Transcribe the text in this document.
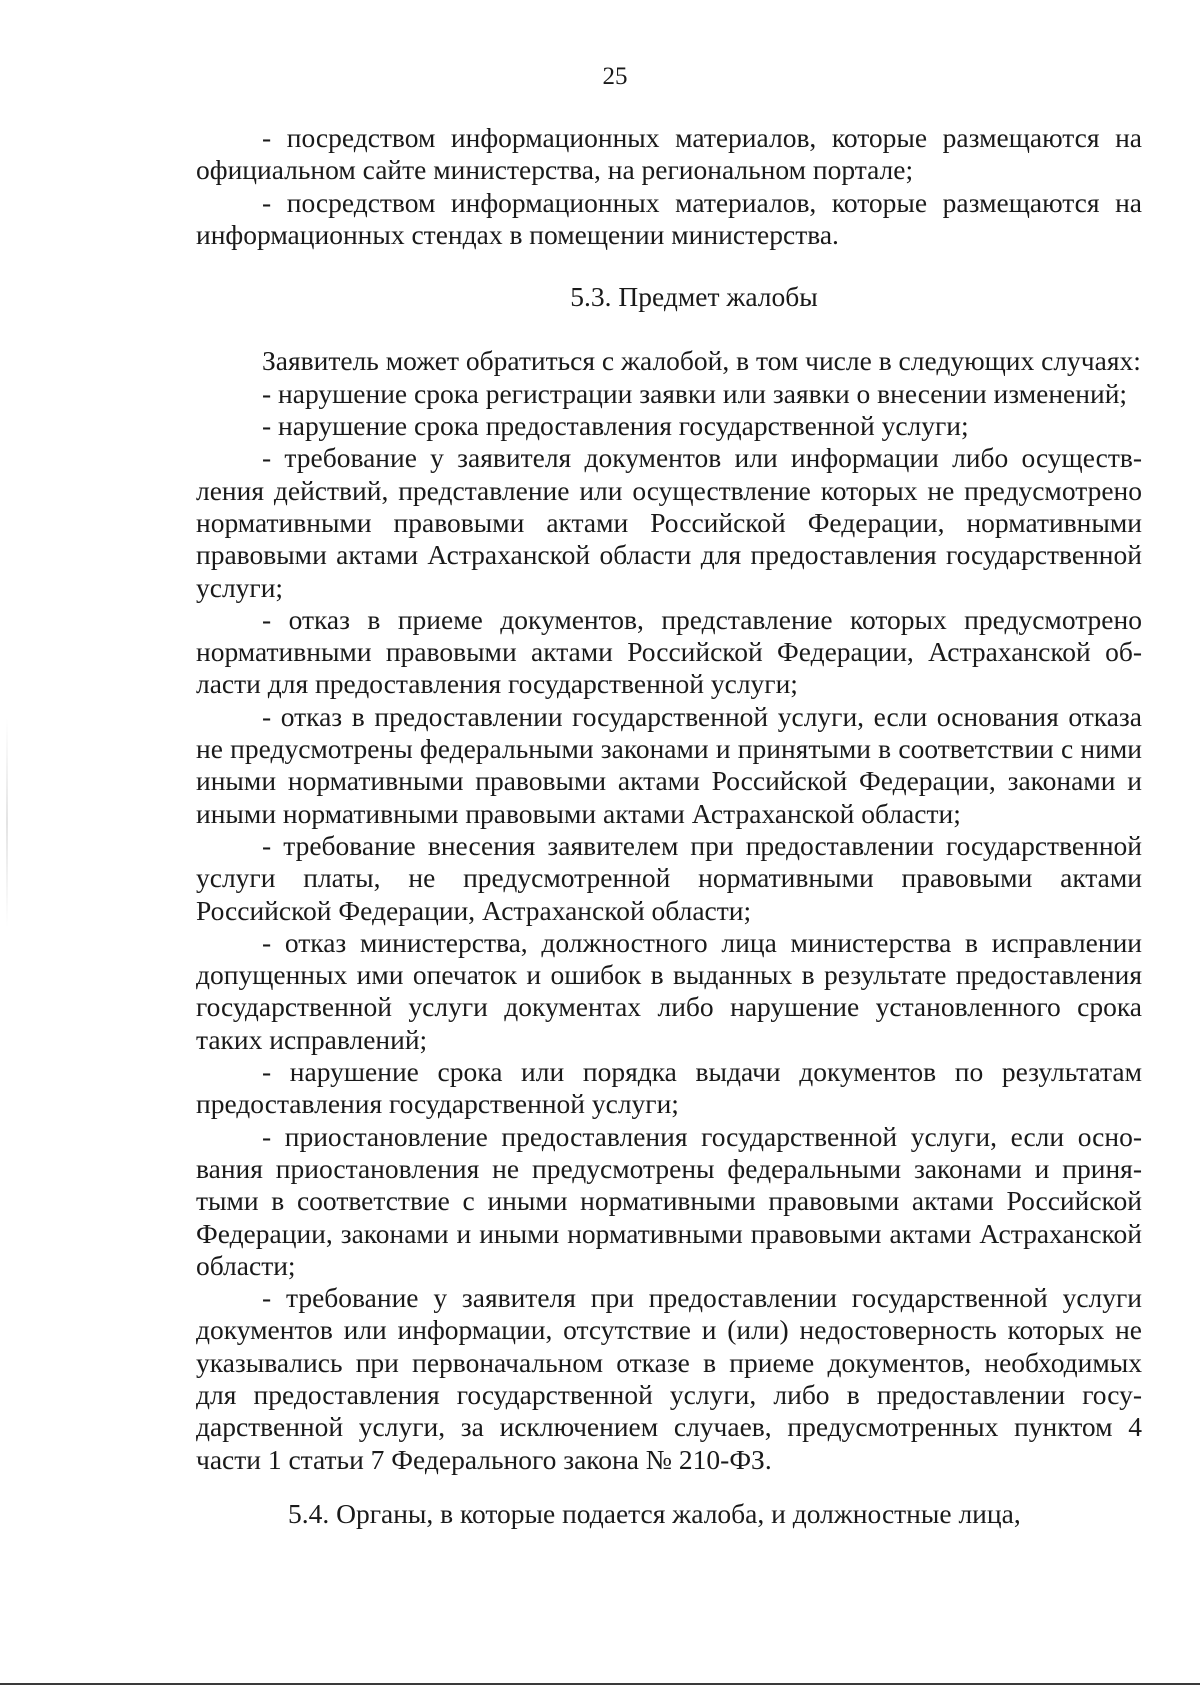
25

- посредством информационных материалов, которые размещаются на официальном сайте министерства, на региональном портале;

- посредством информационных материалов, которые размещаются на информационных стендах в помещении министерства.

5.3. Предмет жалобы

Заявитель может обратиться с жалобой, в том числе в следующих случаях:

- нарушение срока регистрации заявки или заявки о внесении изменений;

- нарушение срока предоставления государственной услуги;

- требование у заявителя документов или информации либо осуществления действий, представление или осуществление которых не предусмотрено нормативными правовыми актами Российской Федерации, нормативными правовыми актами Астраханской области для предоставления государственной услуги;

- отказ в приеме документов, представление которых предусмотрено нормативными правовыми актами Российской Федерации, Астраханской области для предоставления государственной услуги;

- отказ в предоставлении государственной услуги, если основания отказа не предусмотрены федеральными законами и принятыми в соответствии с ними иными нормативными правовыми актами Российской Федерации, законами и иными нормативными правовыми актами Астраханской области;

- требование внесения заявителем при предоставлении государственной услуги платы, не предусмотренной нормативными правовыми актами Российской Федерации, Астраханской области;

- отказ министерства, должностного лица министерства в исправлении допущенных ими опечаток и ошибок в выданных в результате предоставления государственной услуги документах либо нарушение установленного срока таких исправлений;

- нарушение срока или порядка выдачи документов по результатам предоставления государственной услуги;

- приостановление предоставления государственной услуги, если основания приостановления не предусмотрены федеральными законами и принятыми в соответствие с иными нормативными правовыми актами Российской Федерации, законами и иными нормативными правовыми актами Астраханской области;

- требование у заявителя при предоставлении государственной услуги документов или информации, отсутствие и (или) недостоверность которых не указывались при первоначальном отказе в приеме документов, необходимых для предоставления государственной услуги, либо в предоставлении государственной услуги, за исключением случаев, предусмотренных пунктом 4 части 1 статьи 7 Федерального закона № 210-ФЗ.

5.4. Органы, в которые подается жалоба, и должностные лица,
